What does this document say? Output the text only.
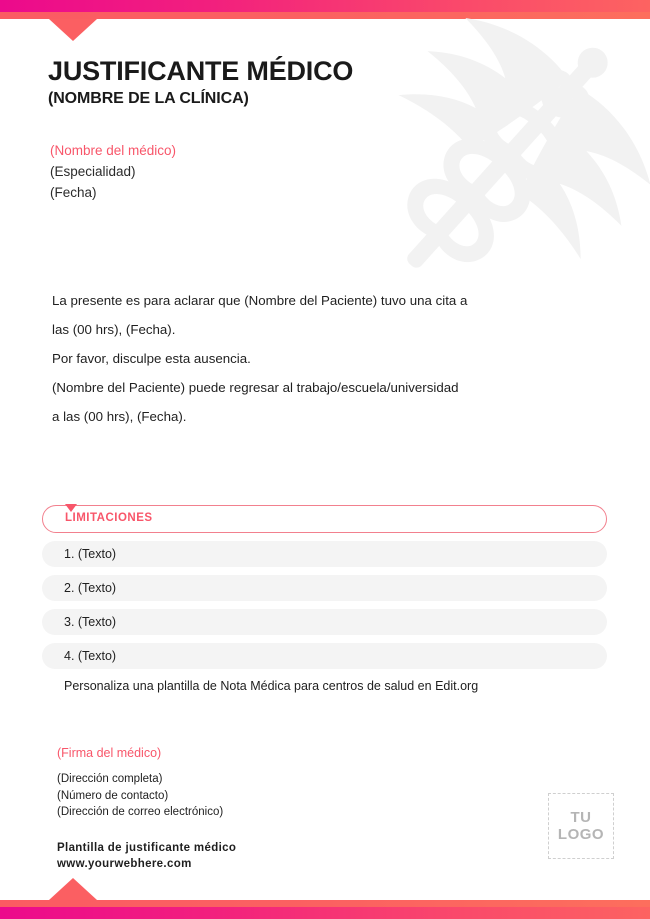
JUSTIFICANTE MÉDICO
(NOMBRE DE LA CLÍNICA)
(Nombre del médico)
(Especialidad)
(Fecha)

La presente es para aclarar que (Nombre del Paciente) tuvo una cita a

las (00 hrs), (Fecha).

Por favor, disculpe esta ausencia.

(Nombre del Paciente) puede regresar al trabajo/escuela/universidad

a las (00 hrs), (Fecha).

LIMITACIONES
1. (Texto)
2. (Texto)
3. (Texto)
4. (Texto)
Personaliza una plantilla de Nota Médica para centros de salud en Edit.org
(Firma del médico)
(Dirección completa)
(Número de contacto)
(Dirección de correo electrónico)
Plantilla de justificante médico
www.yourwebhere.com
TU
LOGO
